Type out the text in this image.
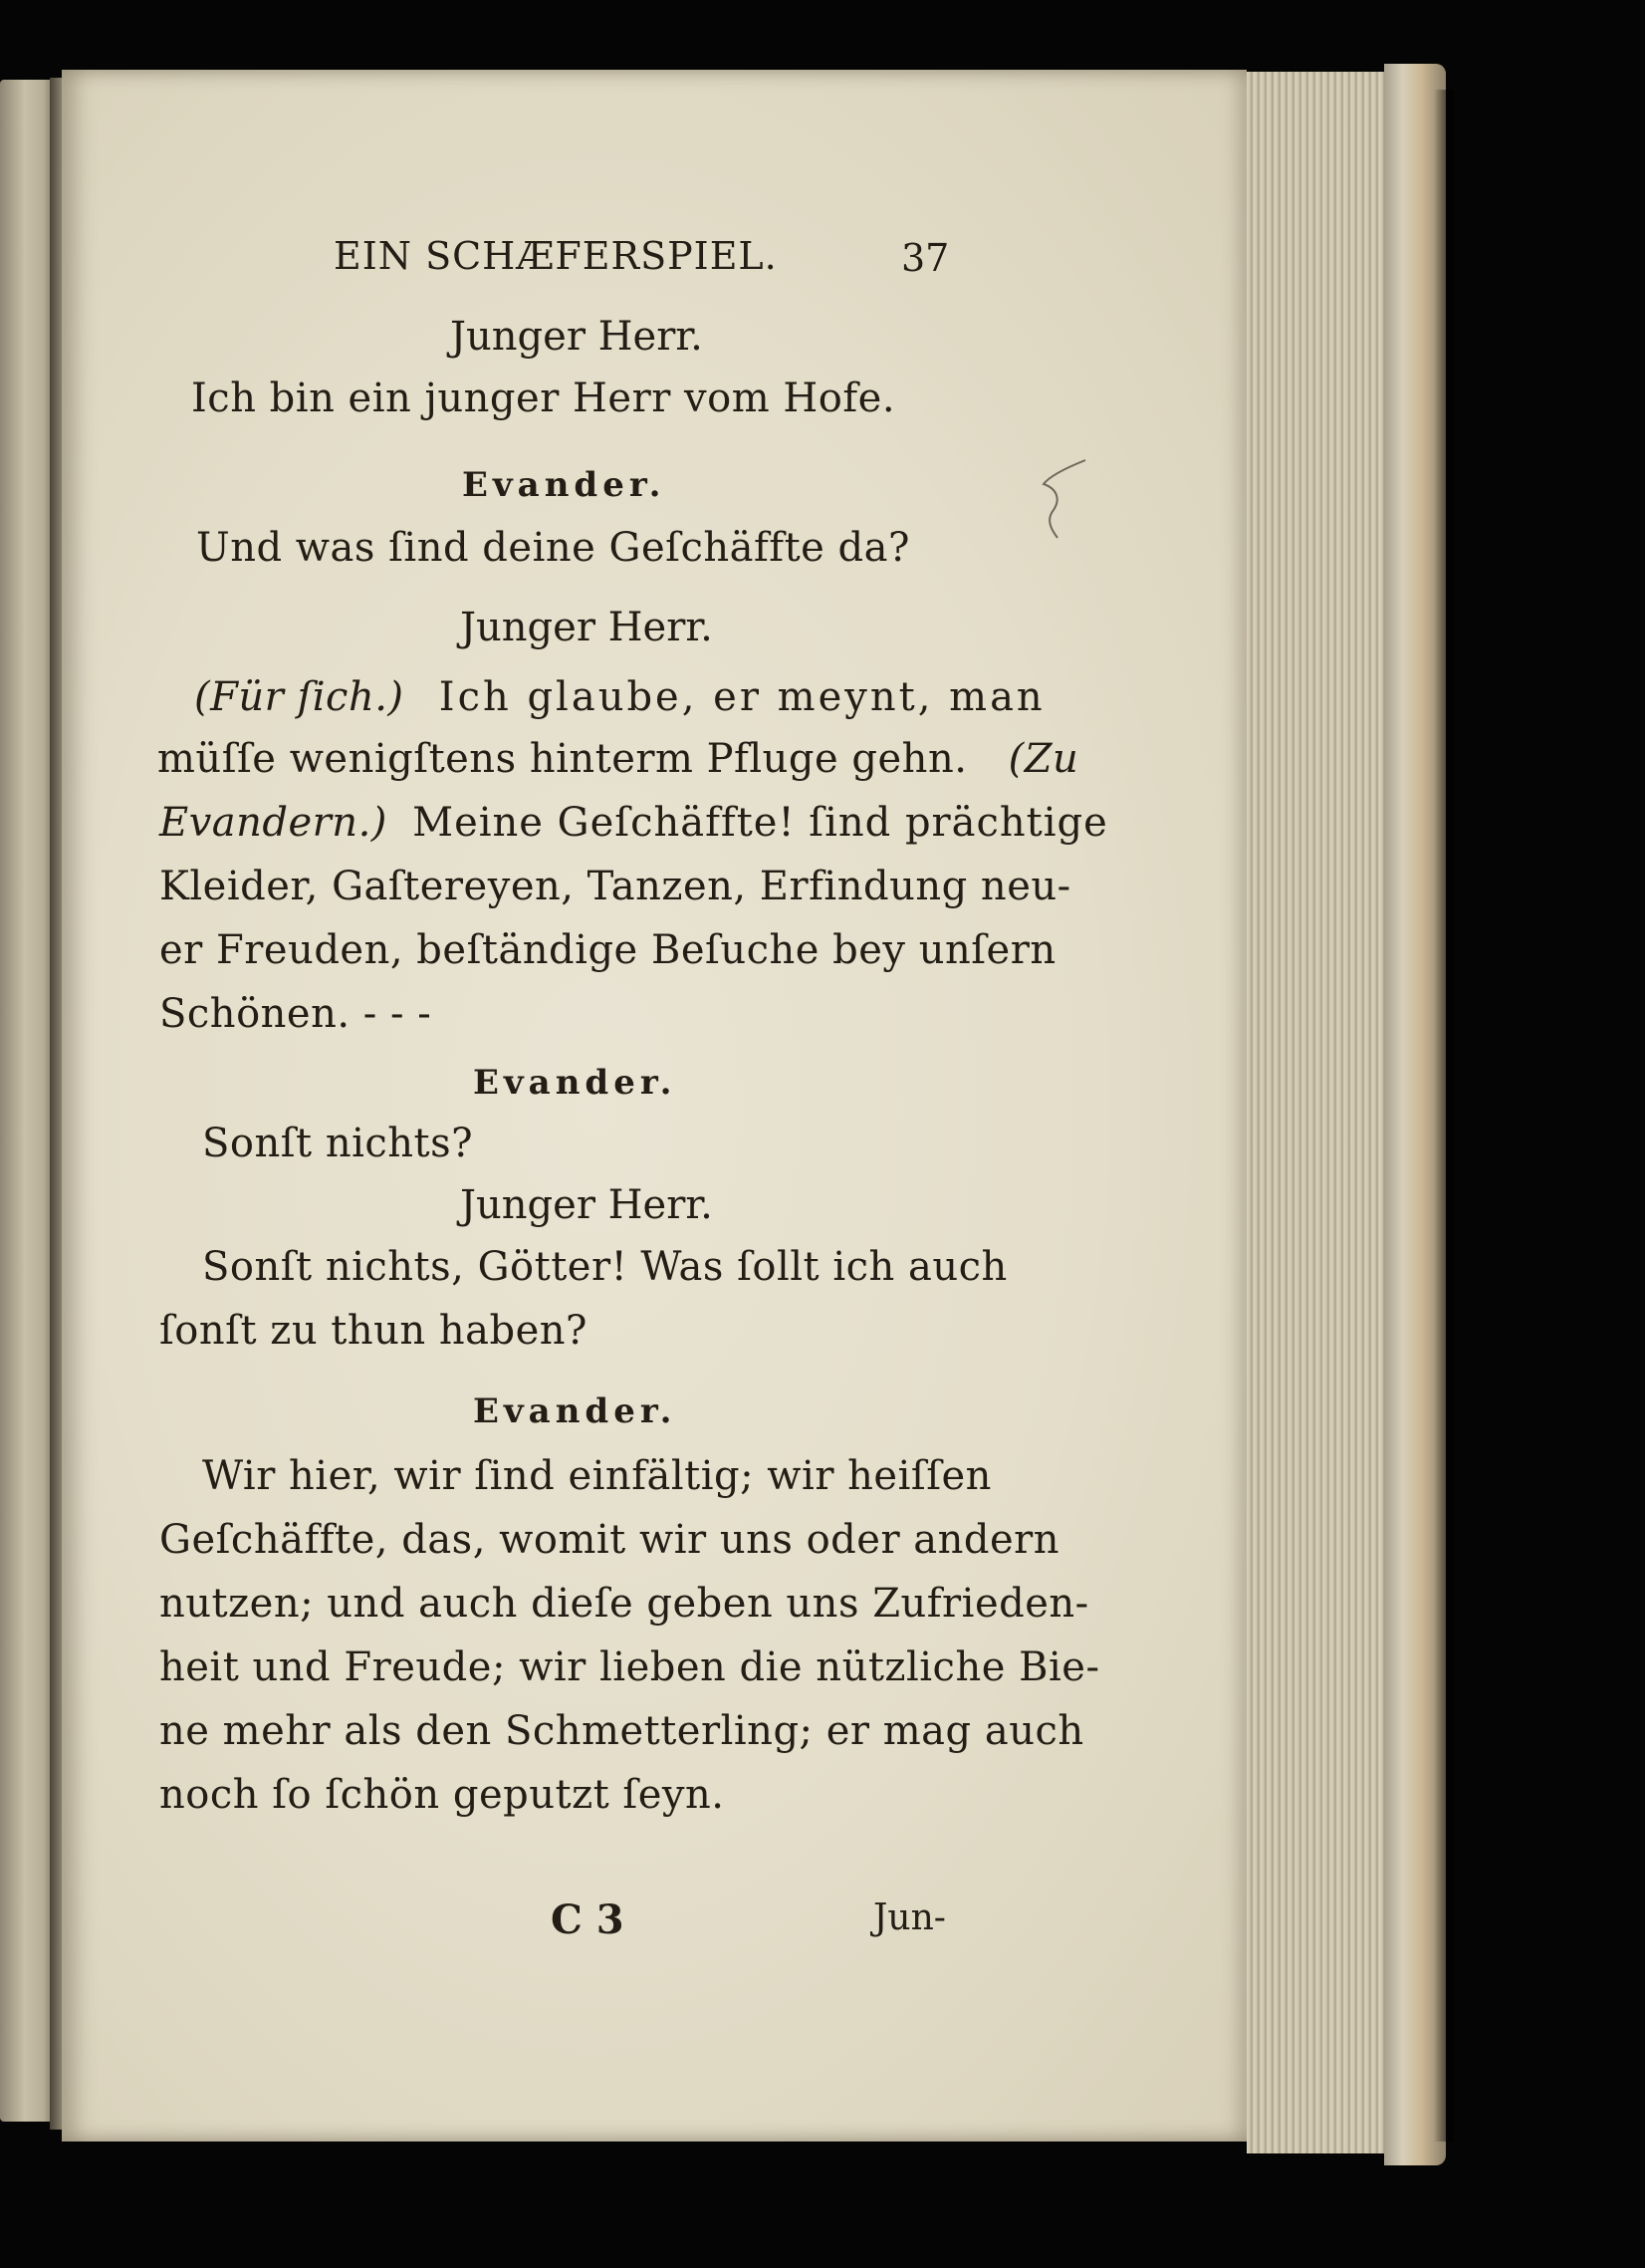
EIN SCHÆFERSPIEL.	37
Junger Herr.
Ich bin ein junger Herr vom Hofe.
Evander.
Und was ſind deine Geſchäffte da?
Junger Herr.
(Für ſich.) Ich glaube, er meynt, man
müſſe wenigſtens hinterm Pfluge gehn. (Zu
Evandern.) Meine Geſchäffte! ſind prächtige
Kleider, Gaſtereyen, Tanzen, Erfindung neu-
er Freuden, beſtändige Beſuche bey unſern
Schönen. - - -
Evander.
Sonſt nichts?
Junger Herr.
Sonſt nichts, Götter! Was ſollt ich auch
ſonſt zu thun haben?
Evander.
Wir hier, wir ſind einfältig; wir heiſſen
Geſchäffte, das, womit wir uns oder andern
nutzen; und auch dieſe geben uns Zufrieden-
heit und Freude; wir lieben die nützliche Bie-
ne mehr als den Schmetterling; er mag auch
noch ſo ſchön geputzt ſeyn.
C 3	Jun-
